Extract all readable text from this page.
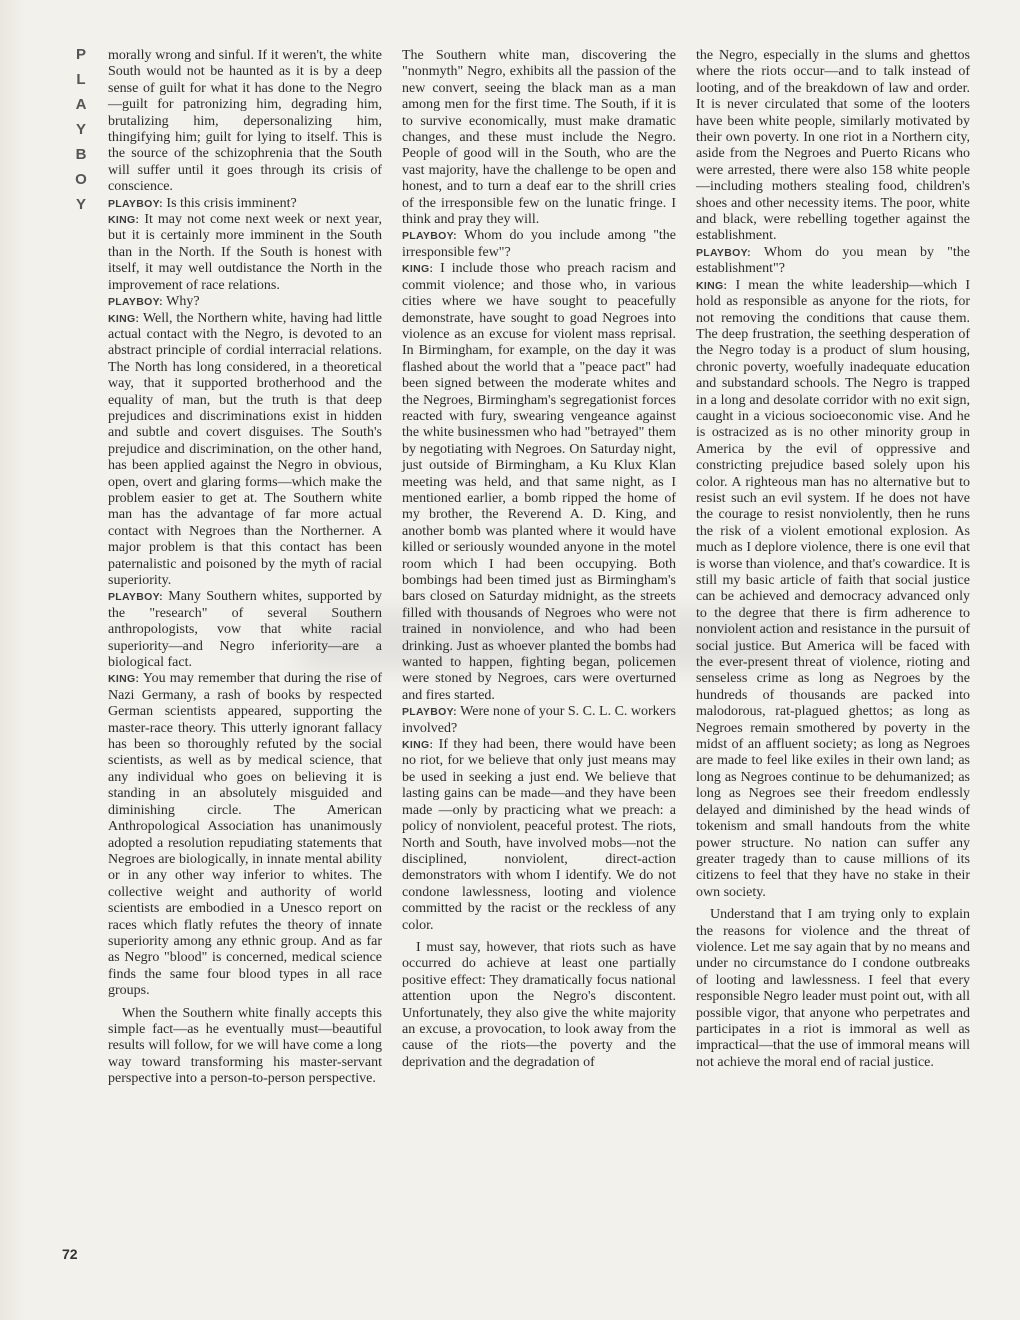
P
L
A
Y
B
O
Y
72

morally wrong and sinful. If it weren't, the white South would not be haunted as it is by a deep sense of guilt for what it has done to the Negro—guilt for patronizing him, degrading him, brutalizing him, depersonalizing him, thingifying him; guilt for lying to itself. This is the source of the schizophrenia that the South will suffer until it goes through its crisis of conscience.

PLAYBOY: Is this crisis imminent?

KING: It may not come next week or next year, but it is certainly more imminent in the South than in the North. If the South is honest with itself, it may well outdistance the North in the improvement of race relations.

PLAYBOY: Why?

KING: Well, the Northern white, having had little actual contact with the Negro, is devoted to an abstract principle of cordial interracial relations. The North has long considered, in a theoretical way, that it supported brotherhood and the equality of man, but the truth is that deep prejudices and discriminations exist in hidden and subtle and covert disguises. The South's prejudice and discrimination, on the other hand, has been applied against the Negro in obvious, open, overt and glaring forms—which make the problem easier to get at. The Southern white man has the advantage of far more actual contact with Negroes than the Northerner. A major problem is that this contact has been paternalistic and poisoned by the myth of racial superiority.

PLAYBOY: Many Southern whites, supported by the "research" of several Southern anthropologists, vow that white racial superiority—and Negro inferiority—are a biological fact.

KING: You may remember that during the rise of Nazi Germany, a rash of books by respected German scientists appeared, supporting the master-race theory. This utterly ignorant fallacy has been so thoroughly refuted by the social scientists, as well as by medical science, that any individual who goes on believing it is standing in an absolutely misguided and diminishing circle. The American Anthropological Association has unanimously adopted a resolution repudiating statements that Negroes are biologically, in innate mental ability or in any other way inferior to whites. The collective weight and authority of world scientists are embodied in a Unesco report on races which flatly refutes the theory of innate superiority among any ethnic group. And as far as Negro "blood" is concerned, medical science finds the same four blood types in all race groups.

When the Southern white finally accepts this simple fact—as he eventually must—beautiful results will follow, for we will have come a long way toward transforming his master-servant perspective into a person-to-person perspective.

The Southern white man, discovering the "nonmyth" Negro, exhibits all the passion of the new convert, seeing the black man as a man among men for the first time. The South, if it is to survive economically, must make dramatic changes, and these must include the Negro. People of good will in the South, who are the vast majority, have the challenge to be open and honest, and to turn a deaf ear to the shrill cries of the irresponsible few on the lunatic fringe. I think and pray they will.

PLAYBOY: Whom do you include among "the irresponsible few"?

KING: I include those who preach racism and commit violence; and those who, in various cities where we have sought to peacefully demonstrate, have sought to goad Negroes into violence as an excuse for violent mass reprisal. In Birmingham, for example, on the day it was flashed about the world that a "peace pact" had been signed between the moderate whites and the Negroes, Birmingham's segregationist forces reacted with fury, swearing vengeance against the white businessmen who had "betrayed" them by negotiating with Negroes. On Saturday night, just outside of Birmingham, a Ku Klux Klan meeting was held, and that same night, as I mentioned earlier, a bomb ripped the home of my brother, the Reverend A. D. King, and another bomb was planted where it would have killed or seriously wounded anyone in the motel room which I had been occupying. Both bombings had been timed just as Birmingham's bars closed on Saturday midnight, as the streets filled with thousands of Negroes who were not trained in nonviolence, and who had been drinking. Just as whoever planted the bombs had wanted to happen, fighting began, policemen were stoned by Negroes, cars were overturned and fires started.

PLAYBOY: Were none of your S. C. L. C. workers involved?

KING: If they had been, there would have been no riot, for we believe that only just means may be used in seeking a just end. We believe that lasting gains can be made—and they have been made —only by practicing what we preach: a policy of nonviolent, peaceful protest. The riots, North and South, have involved mobs—not the disciplined, nonviolent, direct-action demonstrators with whom I identify. We do not condone lawlessness, looting and violence committed by the racist or the reckless of any color.

I must say, however, that riots such as have occurred do achieve at least one partially positive effect: They dramatically focus national attention upon the Negro's discontent. Unfortunately, they also give the white majority an excuse, a provocation, to look away from the cause of the riots—the poverty and the deprivation and the degradation of

the Negro, especially in the slums and ghettos where the riots occur—and to talk instead of looting, and of the breakdown of law and order. It is never circulated that some of the looters have been white people, similarly motivated by their own poverty. In one riot in a Northern city, aside from the Negroes and Puerto Ricans who were arrested, there were also 158 white people—including mothers stealing food, children's shoes and other necessity items. The poor, white and black, were rebelling together against the establishment.

PLAYBOY: Whom do you mean by "the establishment"?

KING: I mean the white leadership—which I hold as responsible as anyone for the riots, for not removing the conditions that cause them. The deep frustration, the seething desperation of the Negro today is a product of slum housing, chronic poverty, woefully inadequate education and substandard schools. The Negro is trapped in a long and desolate corridor with no exit sign, caught in a vicious socioeconomic vise. And he is ostracized as is no other minority group in America by the evil of oppressive and constricting prejudice based solely upon his color. A righteous man has no alternative but to resist such an evil system. If he does not have the courage to resist nonviolently, then he runs the risk of a violent emotional explosion. As much as I deplore violence, there is one evil that is worse than violence, and that's cowardice. It is still my basic article of faith that social justice can be achieved and democracy advanced only to the degree that there is firm adherence to nonviolent action and resistance in the pursuit of social justice. But America will be faced with the ever-present threat of violence, rioting and senseless crime as long as Negroes by the hundreds of thousands are packed into malodorous, rat-plagued ghettos; as long as Negroes remain smothered by poverty in the midst of an affluent society; as long as Negroes are made to feel like exiles in their own land; as long as Negroes continue to be dehumanized; as long as Negroes see their freedom endlessly delayed and diminished by the head winds of tokenism and small handouts from the white power structure. No nation can suffer any greater tragedy than to cause millions of its citizens to feel that they have no stake in their own society.

Understand that I am trying only to explain the reasons for violence and the threat of violence. Let me say again that by no means and under no circumstance do I condone outbreaks of looting and lawlessness. I feel that every responsible Negro leader must point out, with all possible vigor, that anyone who perpetrates and participates in a riot is immoral as well as impractical—that the use of immoral means will not achieve the moral end of racial justice.
